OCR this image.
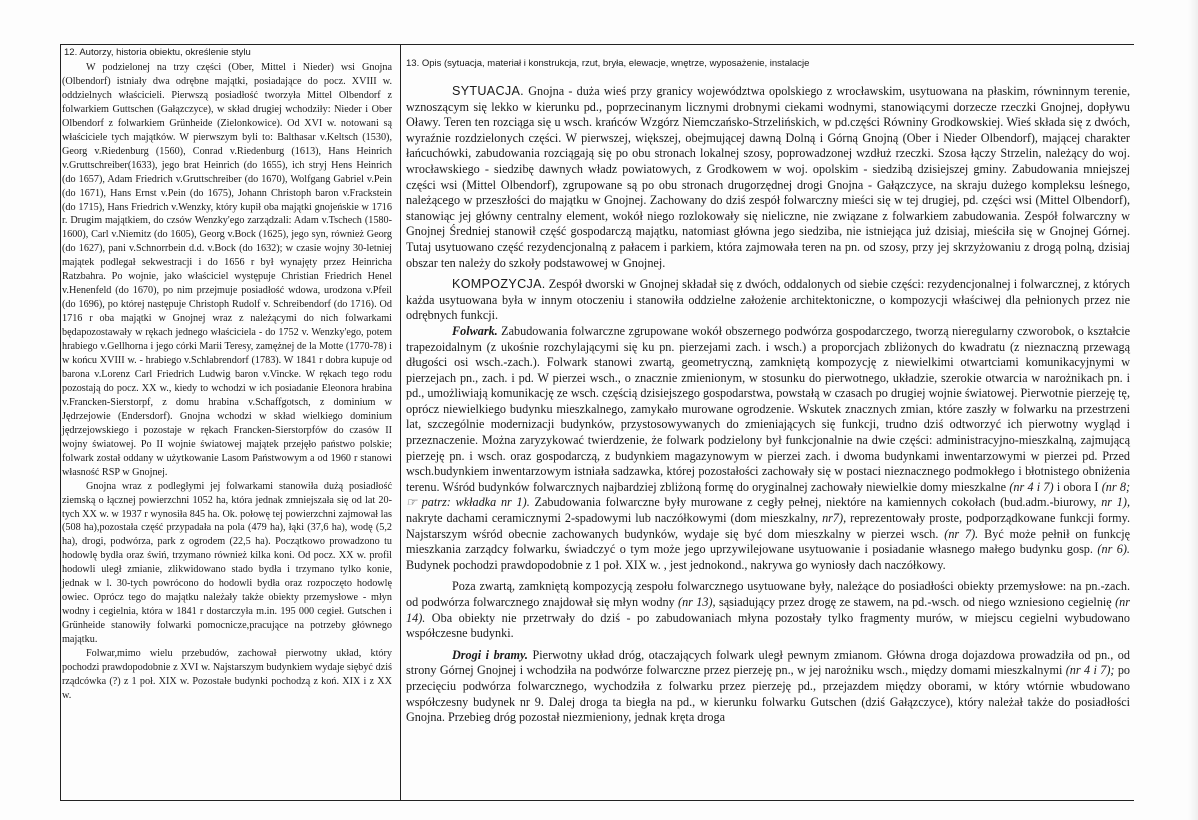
12. Autorzy, historia obiektu, określenie stylu

W podzielonej na trzy części (Ober, Mittel i Nieder) wsi Gnojna (Olbendorf) istniały dwa odrębne majątki, posiadające do pocz. XVIII w. oddzielnych właścicieli. Pierwszą posiadłość tworzyła Mittel Olbendorf z folwarkiem Guttschen (Gałązczyce), w skład drugiej wchodziły: Nieder i Ober Olbendorf z folwarkiem Grünheide (Zielonkowice). Od XVI w. notowani są właściciele tych majątków. W pierwszym byli to: Balthasar v.Keltsch (1530), Georg v.Riedenburg (1560), Conrad v.Riedenburg (1613), Hans Heinrich v.Gruttschreiber(1633), jego brat Heinrich (do 1655), ich stryj Hens Heinrich (do 1657), Adam Friedrich v.Gruttschreiber (do 1670), Wolfgang Gabriel v.Pein (do 1671), Hans Ernst v.Pein (do 1675), Johann Christoph baron v.Frackstein (do 1715), Hans Friedrich v.Wenzky, który kupił oba majątki gnojeńskie w 1716 r. Drugim majątkiem, do czsów Wenzky'ego zarządzali: Adam v.Tschech (1580-1600), Carl v.Niemitz (do 1605), Georg v.Bock (1625), jego syn, również Georg (do 1627), pani v.Schnorrbein d.d. v.Bock (do 1632); w czasie wojny 30-letniej majątek podlegał sekwestracji i do 1656 r był wynajęty przez Heinricha Ratzbahra. Po wojnie, jako właściciel występuje Christian Friedrich Henel v.Henenfeld (do 1670), po nim przejmuje posiadłość wdowa, urodzona v.Pfeil (do 1696), po której następuje Christoph Rudolf v. Schreibendorf (do 1716). Od 1716 r oba majątki w Gnojnej wraz z należącymi do nich folwarkami będapozostawały w rękach jednego właściciela - do 1752 v. Wenzky'ego, potem hrabiego v.Gellhorna i jego córki Marii Teresy, zamężnej de la Motte (1770-78) i w końcu XVIII w. - hrabiego v.Schlabrendorf (1783). W 1841 r dobra kupuje od barona v.Lorenz Carl Friedrich Ludwig baron v.Vincke. W rękach tego rodu pozostają do pocz. XX w., kiedy to wchodzi w ich posiadanie Eleonora hrabina v.Francken-Sierstorpf, z domu hrabina v.Schaffgotsch, z dominium w Jędrzejowie (Endersdorf). Gnojna wchodzi w skład wielkiego dominium jędrzejowskiego i pozostaje w rękach Francken-Sierstorpfów do czasów II wojny światowej. Po II wojnie światowej majątek przejęło państwo polskie; folwark został oddany w użytkowanie Lasom Państwowym a od 1960 r stanowi własność RSP w Gnojnej.

Gnojna wraz z podległymi jej folwarkami stanowiła dużą posiadłość ziemską o łącznej powierzchni 1052 ha, która jednak zmniejszała się od lat 20-tych XX w. w 1937 r wynosiła 845 ha. Ok. połowę tej powierzchni zajmował las (508 ha),pozostała część przypadała na pola (479 ha), łąki (37,6 ha), wodę (5,2 ha), drogi, podwórza, park z ogrodem (22,5 ha). Początkowo prowadzono tu hodowlę bydła oraz świń, trzymano również kilka koni. Od pocz. XX w. profil hodowli uległ zmianie, zlikwidowano stado bydła i trzymano tylko konie, jednak w l. 30-tych powrócono do hodowli bydła oraz rozpoczęto hodowlę owiec. Oprócz tego do majątku należały także obiekty przemysłowe - młyn wodny i cegielnia, która w 1841 r dostarczyła m.in. 195 000 cegieł. Gutschen i Grünheide stanowiły folwarki pomocnicze,pracujące na potrzeby głównego majątku.

Folwar,mimo wielu przebudów, zachował pierwotny układ, który pochodzi prawdopodobnie z XVI w. Najstarszym budynkiem wydaje siębyć dziś rządcówka (?) z 1 poł. XIX w. Pozostałe budynki pochodzą z koń. XIX i z XX w.

13. Opis (sytuacja, materiał i konstrukcja, rzut, bryła, elewacje, wnętrze, wyposażenie, instalacje

SYTUACJA. Gnojna - duża wieś przy granicy województwa opolskiego z wrocławskim, usytuowana na płaskim, równinnym terenie, wznoszącym się lekko w kierunku pd., poprzecinanym licznymi drobnymi ciekami wodnymi, stanowiącymi dorzecze rzeczki Gnojnej, dopływu Oławy. Teren ten rozciąga się u wsch. krańców Wzgórz Niemczańsko-Strzelińskich, w pd.części Równiny Grodkowskiej. Wieś składa się z dwóch, wyraźnie rozdzielonych części. W pierwszej, większej, obejmującej dawną Dolną i Górną Gnojną (Ober i Nieder Olbendorf), mającej charakter łańcuchówki, zabudowania rozciągają się po obu stronach lokalnej szosy, poprowadzonej wzdłuż rzeczki. Szosa łączy Strzelin, należący do woj. wrocławskiego - siedzibę dawnych władz powiatowych, z Grodkowem w woj. opolskim - siedzibą dzisiejszej gminy. Zabudowania mniejszej części wsi (Mittel Olbendorf), zgrupowane są po obu stronach drugorzędnej drogi Gnojna - Gałązczyce, na skraju dużego kompleksu leśnego, należącego w przeszłości do majątku w Gnojnej. Zachowany do dziś zespół folwarczny mieści się w tej drugiej, pd. części wsi (Mittel Olbendorf), stanowiąc jej główny centralny element, wokół niego rozlokowały się nieliczne, nie związane z folwarkiem zabudowania. Zespół folwarczny w Gnojnej Średniej stanowił część gospodarczą majątku, natomiast główna jego siedziba, nie istniejąca już dzisiaj, mieściła się w Gnojnej Górnej. Tutaj usytuowano część rezydencjonalną z pałacem i parkiem, która zajmowała teren na pn. od szosy, przy jej skrzyżowaniu z drogą polną, dzisiaj obszar ten należy do szkoły podstawowej w Gnojnej.

KOMPOZYCJA. Zespół dworski w Gnojnej składał się z dwóch, oddalonych od siebie części: rezydencjonalnej i folwarcznej, z których każda usytuowana była w innym otoczeniu i stanowiła oddzielne założenie architektoniczne, o kompozycji właściwej dla pełnionych przez nie odrębnych funkcji.

Folwark. Zabudowania folwarczne zgrupowane wokół obszernego podwórza gospodarczego, tworzą nieregularny czworobok, o kształcie trapezoidalnym (z ukośnie rozchylającymi się ku pn. pierzejami zach. i wsch.) a proporcjach zbliżonych do kwadratu (z nieznaczną przewagą długości osi wsch.-zach.). Folwark stanowi zwartą, geometryczną, zamkniętą kompozycję z niewielkimi otwartciami komunikacyjnymi w pierzejach pn., zach. i pd. W pierzei wsch., o znacznie zmienionym, w stosunku do pierwotnego, układzie, szerokie otwarcia w narożnikach pn. i pd., umożliwiają komunikację ze wsch. częścią dzisiejszego gospodarstwa, powstałą w czasach po drugiej wojnie światowej. Pierwotnie pierzeję tę, oprócz niewielkiego budynku mieszkalnego, zamykało murowane ogrodzenie. Wskutek znacznych zmian, które zaszły w folwarku na przestrzeni lat, szczególnie modernizacji budynków, przystosowywanych do zmieniających się funkcji, trudno dziś odtworzyć ich pierwotny wygląd i przeznaczenie. Można zaryzykować twierdzenie, że folwark podzielony był funkcjonalnie na dwie części: administracyjno-mieszkalną, zajmującą pierzeję pn. i wsch. oraz gospodarczą, z budynkiem magazynowym w pierzei zach. i dwoma budynkami inwentarzowymi w pierzei pd. Przed wsch.budynkiem inwentarzowym istniała sadzawka, której pozostałości zachowały się w postaci nieznacznego podmokłego i błotnistego obniżenia terenu. Wśród budynków folwarcznych najbardziej zbliżoną formę do oryginalnej zachowały niewielkie domy mieszkalne (nr 4 i 7) i obora I (nr 8; ☞ patrz: wkładka nr 1). Zabudowania folwarczne były murowane z cegły pełnej, niektóre na kamiennych cokołach (bud.adm.-biurowy, nr 1), nakryte dachami ceramicznymi 2-spadowymi lub naczółkowymi (dom mieszkalny, nr7), reprezentowały proste, podporządkowane funkcji formy. Najstarszym wśród obecnie zachowanych budynków, wydaje się być dom mieszkalny w pierzei wsch. (nr 7). Być może pełnił on funkcję mieszkania zarządcy folwarku, świadczyć o tym może jego uprzywilejowane usytuowanie i posiadanie własnego małego budynku gosp. (nr 6). Budynek pochodzi prawdopodobnie z 1 poł. XIX w. , jest jednokond., nakrywa go wyniosły dach naczółkowy.

Poza zwartą, zamkniętą kompozycją zespołu folwarcznego usytuowane były, należące do posiadłości obiekty przemysłowe: na pn.-zach. od podwórza folwarcznego znajdował się młyn wodny (nr 13), sąsiadujący przez drogę ze stawem, na pd.-wsch. od niego wzniesiono cegielnię (nr 14). Oba obiekty nie przetrwały do dziś - po zabudowaniach młyna pozostały tylko fragmenty murów, w miejscu cegielni wybudowano współczesne budynki.

Drogi i bramy. Pierwotny układ dróg, otaczających folwark uległ pewnym zmianom. Główna droga dojazdowa prowadziła od pn., od strony Górnej Gnojnej i wchodziła na podwórze folwarczne przez pierzeję pn., w jej narożniku wsch., między domami mieszkalnymi (nr 4 i 7); po przecięciu podwórza folwarcznego, wychodziła z folwarku przez pierzeję pd., przejazdem między oborami, w który wtórnie wbudowano współczesny budynek nr 9. Dalej droga ta biegła na pd., w kierunku folwarku Gutschen (dziś Gałązczyce), który należał także do posiadłości Gnojna. Przebieg dróg pozostał niezmieniony, jednak kręta droga
